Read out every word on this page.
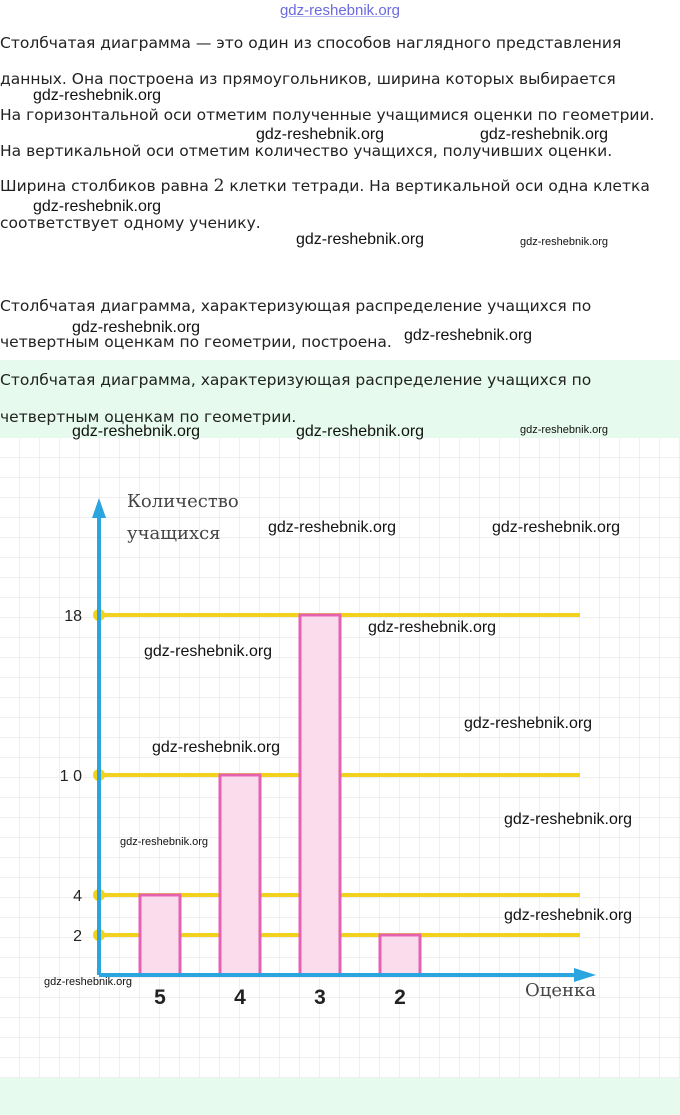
gdz-reshebnik.org
Столбчатая диаграмма — это один из способов наглядного представления
данных. Она построена из прямоугольников, ширина которых выбирается
На горизонтальной оси отметим полученные учащимися оценки по геометрии.
На вертикальной оси отметим количество учащихся, получивших оценки.
Ширина столбиков равна 2 клетки тетради. На вертикальной оси одна клетка
соответствует одному ученику.
Столбчатая диаграмма, характеризующая распределение учащихся по
четвертным оценкам по геометрии, построена.
Столбчатая диаграмма, характеризующая распределение учащихся по
четвертным оценкам по геометрии.
2
4
1 0
18
5	4	3	2
Количество
учащихся
Оценка
gdz-reshebnik.org
gdz-reshebnik.org	gdz-reshebnik.org
gdz-reshebnik.org
gdz-reshebnik.org	gdz-reshebnik.org
gdz-reshebnik.org	gdz-reshebnik.org
gdz-reshebnik.org	gdz-reshebnik.org	gdz-reshebnik.org
gdz-reshebnik.org	gdz-reshebnik.org
gdz-reshebnik.org
gdz-reshebnik.org
gdz-reshebnik.org
gdz-reshebnik.org
gdz-reshebnik.org
gdz-reshebnik.org
gdz-reshebnik.org
gdz-reshebnik.org
